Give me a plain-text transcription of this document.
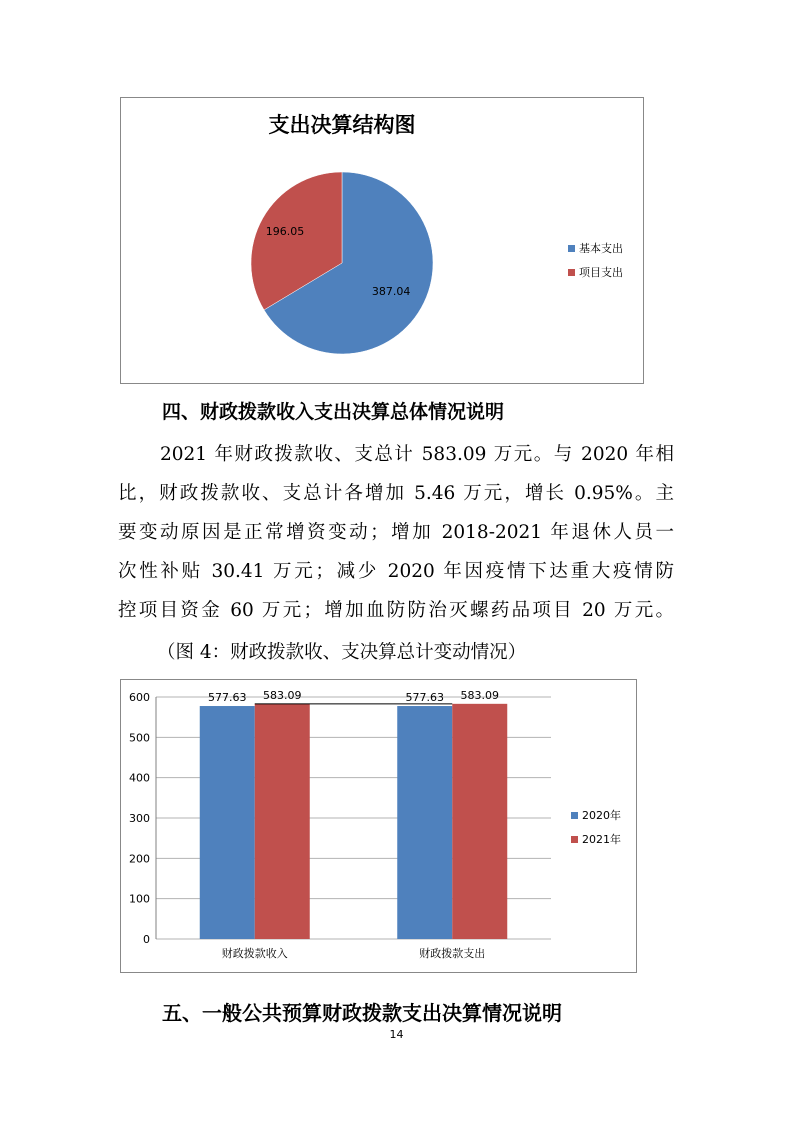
支出决算结构图
387.04
196.05
基本支出
项目支出
四、财政拨款收入支出决算总体情况说明
2021 年财政拨款收、支总计 583.09 万元。与 2020 年相
比，财政拨款收、支总计各增加 5.46 万元，增长 0.95%。主
要变动原因是正常增资变动；增加 2018-2021 年退休人员一
次性补贴 30.41 万元；减少 2020 年因疫情下达重大疫情防
控项目资金 60 万元；增加血防防治灭螺药品项目 20 万元。
（图 4：财政拨款收、支决算总计变动情况）
0
100
200
300
400
500
600	577.63 583.09
财政拨款收入
577.63 583.09
财政拨款支出
2020年
2021年
五、一般公共预算财政拨款支出决算情况说明
14
